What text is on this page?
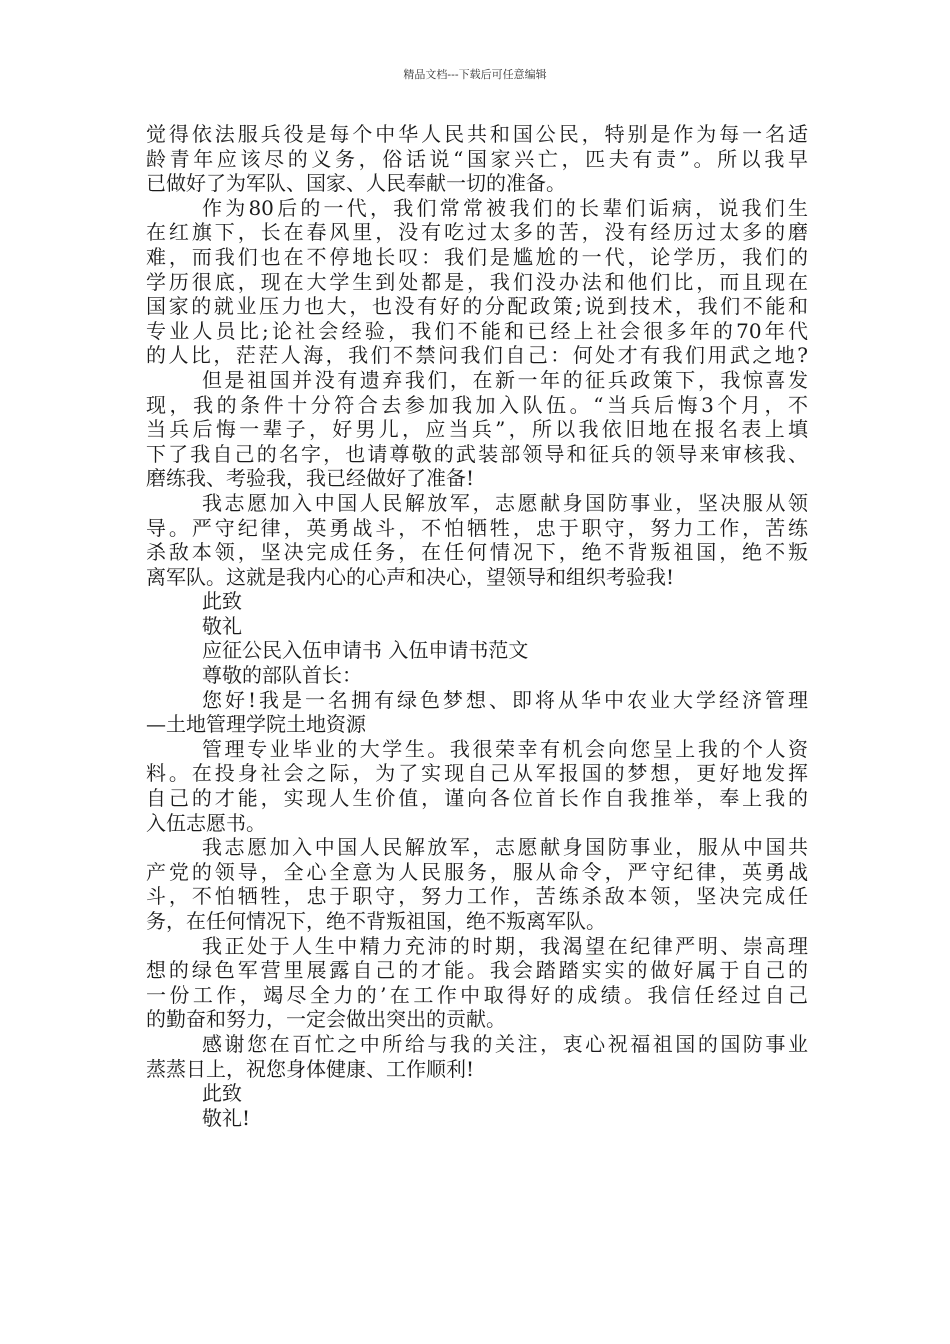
精品文档---下载后可任意编辑
觉得依法服兵役是每个中华人民共和国公民，特别是作为每一名适
龄青年应该尽的义务，俗话说“国家兴亡，匹夫有责”。所以我早
已做好了为军队、国家、人民奉献一切的准备。
作为80后的一代，我们常常被我们的长辈们诟病，说我们生
在红旗下，长在春风里，没有吃过太多的苦，没有经历过太多的磨
难，而我们也在不停地长叹：我们是尴尬的一代，论学历，我们的
学历很底，现在大学生到处都是，我们没办法和他们比，而且现在
国家的就业压力也大，也没有好的分配政策;说到技术，我们不能和
专业人员比;论社会经验，我们不能和已经上社会很多年的70年代
的人比，茫茫人海，我们不禁问我们自己：何处才有我们用武之地?
但是祖国并没有遗弃我们，在新一年的征兵政策下，我惊喜发
现，我的条件十分符合去参加我加入队伍。“当兵后悔3个月，不
当兵后悔一辈子，好男儿，应当兵”，所以我依旧地在报名表上填
下了我自己的名字，也请尊敬的武装部领导和征兵的领导来审核我、
磨练我、考验我，我已经做好了准备!
我志愿加入中国人民解放军，志愿献身国防事业，坚决服从领
导。严守纪律，英勇战斗，不怕牺牲，忠于职守，努力工作，苦练
杀敌本领，坚决完成任务，在任何情况下，绝不背叛祖国，绝不叛
离军队。这就是我内心的心声和决心，望领导和组织考验我!
此致
敬礼
应征公民入伍申请书 入伍申请书范文
尊敬的部队首长：
您好!我是一名拥有绿色梦想、即将从华中农业大学经济管理
—土地管理学院土地资源
管理专业毕业的大学生。我很荣幸有机会向您呈上我的个人资
料。在投身社会之际，为了实现自己从军报国的梦想，更好地发挥
自己的才能，实现人生价值，谨向各位首长作自我推举，奉上我的
入伍志愿书。
我志愿加入中国人民解放军，志愿献身国防事业，服从中国共
产党的领导，全心全意为人民服务，服从命令，严守纪律，英勇战
斗，不怕牺牲，忠于职守，努力工作，苦练杀敌本领，坚决完成任
务，在任何情况下，绝不背叛祖国，绝不叛离军队。
我正处于人生中精力充沛的时期，我渴望在纪律严明、崇高理
想的绿色军营里展露自己的才能。我会踏踏实实的做好属于自己的
一份工作，竭尽全力的’在工作中取得好的成绩。我信任经过自己
的勤奋和努力，一定会做出突出的贡献。
感谢您在百忙之中所给与我的关注，衷心祝福祖国的国防事业
蒸蒸日上，祝您身体健康、工作顺利!
此致
敬礼!
